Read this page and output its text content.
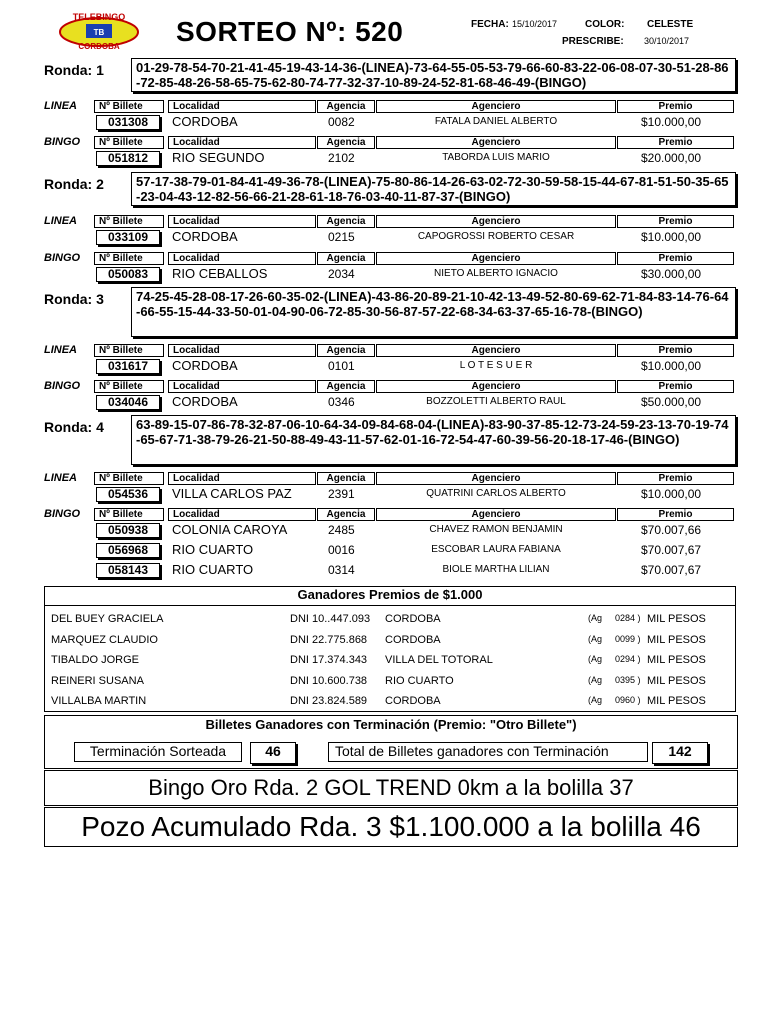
TELEBINGO
CORDOBA
TB	SORTEO Nº: 520	FECHA: 15/10/2017	COLOR: CELESTE
PRESCRIBE: 30/10/2017
Ronda: 1	01-29-78-54-70-21-41-45-19-43-14-36-(LINEA)-73-64-55-05-53-79-66-60-83-22-06-08-07-30-51-28-86-72-85-48-26-58-65-75-62-80-74-77-32-37-10-89-24-52-81-68-46-49-(BINGO)
LINEA	Nº Billete	Localidad	Agencia	Agenciero	Premio
031308	CORDOBA	0082	FATALA DANIEL ALBERTO	$10.000,00
BINGO	Nº Billete	Localidad	Agencia	Agenciero	Premio
051812	RIO SEGUNDO	2102	TABORDA LUIS MARIO	$20.000,00
Ronda: 2	57-17-38-79-01-84-41-49-36-78-(LINEA)-75-80-86-14-26-63-02-72-30-59-58-15-44-67-81-51-50-35-65-23-04-43-12-82-56-66-21-28-61-18-76-03-40-11-87-37-(BINGO)
LINEA	Nº Billete	Localidad	Agencia	Agenciero	Premio
033109	CORDOBA	0215	CAPOGROSSI ROBERTO CESAR	$10.000,00
BINGO	Nº Billete	Localidad	Agencia	Agenciero	Premio
050083	RIO CEBALLOS	2034	NIETO ALBERTO IGNACIO	$30.000,00
Ronda: 3	74-25-45-28-08-17-26-60-35-02-(LINEA)-43-86-20-89-21-10-42-13-49-52-80-69-62-71-84-83-14-76-64-66-55-15-44-33-50-01-04-90-06-72-85-30-56-87-57-22-68-34-63-37-65-16-78-(BINGO)
LINEA	Nº Billete	Localidad	Agencia	Agenciero	Premio
031617	CORDOBA	0101	L O T E S U E R	$10.000,00
BINGO	Nº Billete	Localidad	Agencia	Agenciero	Premio
034046	CORDOBA	0346	BOZZOLETTI ALBERTO RAUL	$50.000,00
Ronda: 4	63-89-15-07-86-78-32-87-06-10-64-34-09-84-68-04-(LINEA)-83-90-37-85-12-73-24-59-23-13-70-19-74-65-67-71-38-79-26-21-50-88-49-43-11-57-62-01-16-72-54-47-60-39-56-20-18-17-46-(BINGO)
LINEA	Nº Billete	Localidad	Agencia	Agenciero	Premio
054536	VILLA CARLOS PAZ	2391	QUATRINI CARLOS ALBERTO	$10.000,00
BINGO	Nº Billete	Localidad	Agencia	Agenciero	Premio
050938	COLONIA CAROYA	2485	CHAVEZ RAMON BENJAMIN	$70.007,66
056968	RIO CUARTO	0016	ESCOBAR LAURA FABIANA	$70.007,67
058143	RIO CUARTO	0314	BIOLE MARTHA LILIAN	$70.007,67
Ganadores Premios de $1.000
DEL BUEY GRACIELA	DNI 10..447.093 CORDOBA	(Ag 0284 ) MIL PESOS
MARQUEZ CLAUDIO	DNI 22.775.868 CORDOBA	(Ag 0099 ) MIL PESOS
TIBALDO JORGE	DNI 17.374.343 VILLA DEL TOTORAL	(Ag 0294 ) MIL PESOS
REINERI SUSANA	DNI 10.600.738 RIO CUARTO	(Ag 0395 ) MIL PESOS
VILLALBA MARTIN	DNI 23.824.589 CORDOBA	(Ag 0960 ) MIL PESOS
Billetes Ganadores con Terminación (Premio: "Otro Billete")
Terminación Sorteada	46	Total de Billetes ganadores con Terminación	142
Bingo Oro Rda. 2 GOL TREND 0km a la bolilla 37
Pozo Acumulado Rda. 3 $1.100.000 a la bolilla 46
